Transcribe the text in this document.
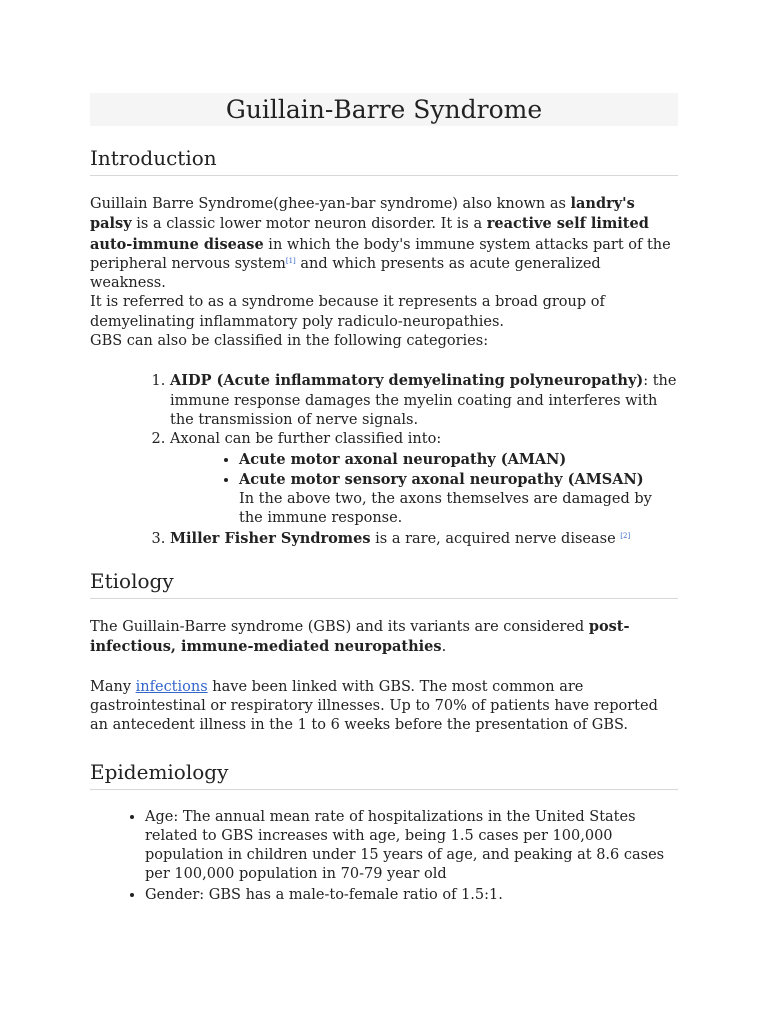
Guillain-Barre Syndrome
Introduction

Guillain Barre Syndrome(ghee-yan-bar syndrome) also known as landry's palsy is a classic lower motor neuron disorder. It is a reactive self limited auto-immune disease in which the body's immune system attacks part of the peripheral nervous system[1] and which presents as acute generalized weakness.

It is referred to as a syndrome because it represents a broad group of demyelinating inflammatory poly radiculo-neuropathies.

GBS can also be classified in the following categories:

1. AIDP (Acute inflammatory demyelinating polyneuropathy): the immune response damages the myelin coating and interferes with the transmission of nerve signals.
2. Axonal can be further classified into:
• Acute motor axonal neuropathy (AMAN)
• Acute motor sensory axonal neuropathy (AMSAN)
In the above two, the axons themselves are damaged by the immune response.
3. Miller Fisher Syndromes is a rare, acquired nerve disease [2]
Etiology

The Guillain-Barre syndrome (GBS) and its variants are considered post-infectious, immune-mediated neuropathies.

Many infections have been linked with GBS. The most common are gastrointestinal or respiratory illnesses. Up to 70% of patients have reported an antecedent illness in the 1 to 6 weeks before the presentation of GBS.

Epidemiology
• Age: The annual mean rate of hospitalizations in the United States related to GBS increases with age, being 1.5 cases per 100,000 population in children under 15 years of age, and peaking at 8.6 cases per 100,000 population in 70-79 year old
• Gender: GBS has a male-to-female ratio of 1.5:1.
